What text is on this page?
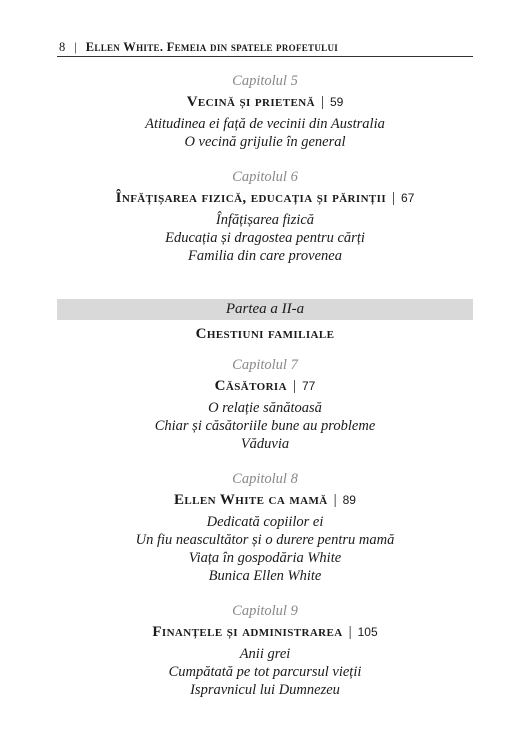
8 | Ellen White. Femeia din spatele profetului
Capitolul 5
Vecină și prietenă | 59
Atitudinea ei față de vecinii din Australia
O vecină grijulie în general
Capitolul 6
Înfățișarea fizică, educația și părinții | 67
Înfățișarea fizică
Educația și dragostea pentru cărți
Familia din care provenea
Partea a II-a
Chestiuni familiale
Capitolul 7
Căsătoria | 77
O relație sănătoasă
Chiar și căsătoriile bune au probleme
Văduvia
Capitolul 8
Ellen White ca mamă | 89
Dedicată copiilor ei
Un fiu neascultător și o durere pentru mamă
Viața în gospodăria White
Bunica Ellen White
Capitolul 9
Finanțele și administrarea | 105
Anii grei
Cumpătată pe tot parcursul vieții
Ispravnicul lui Dumnezeu
